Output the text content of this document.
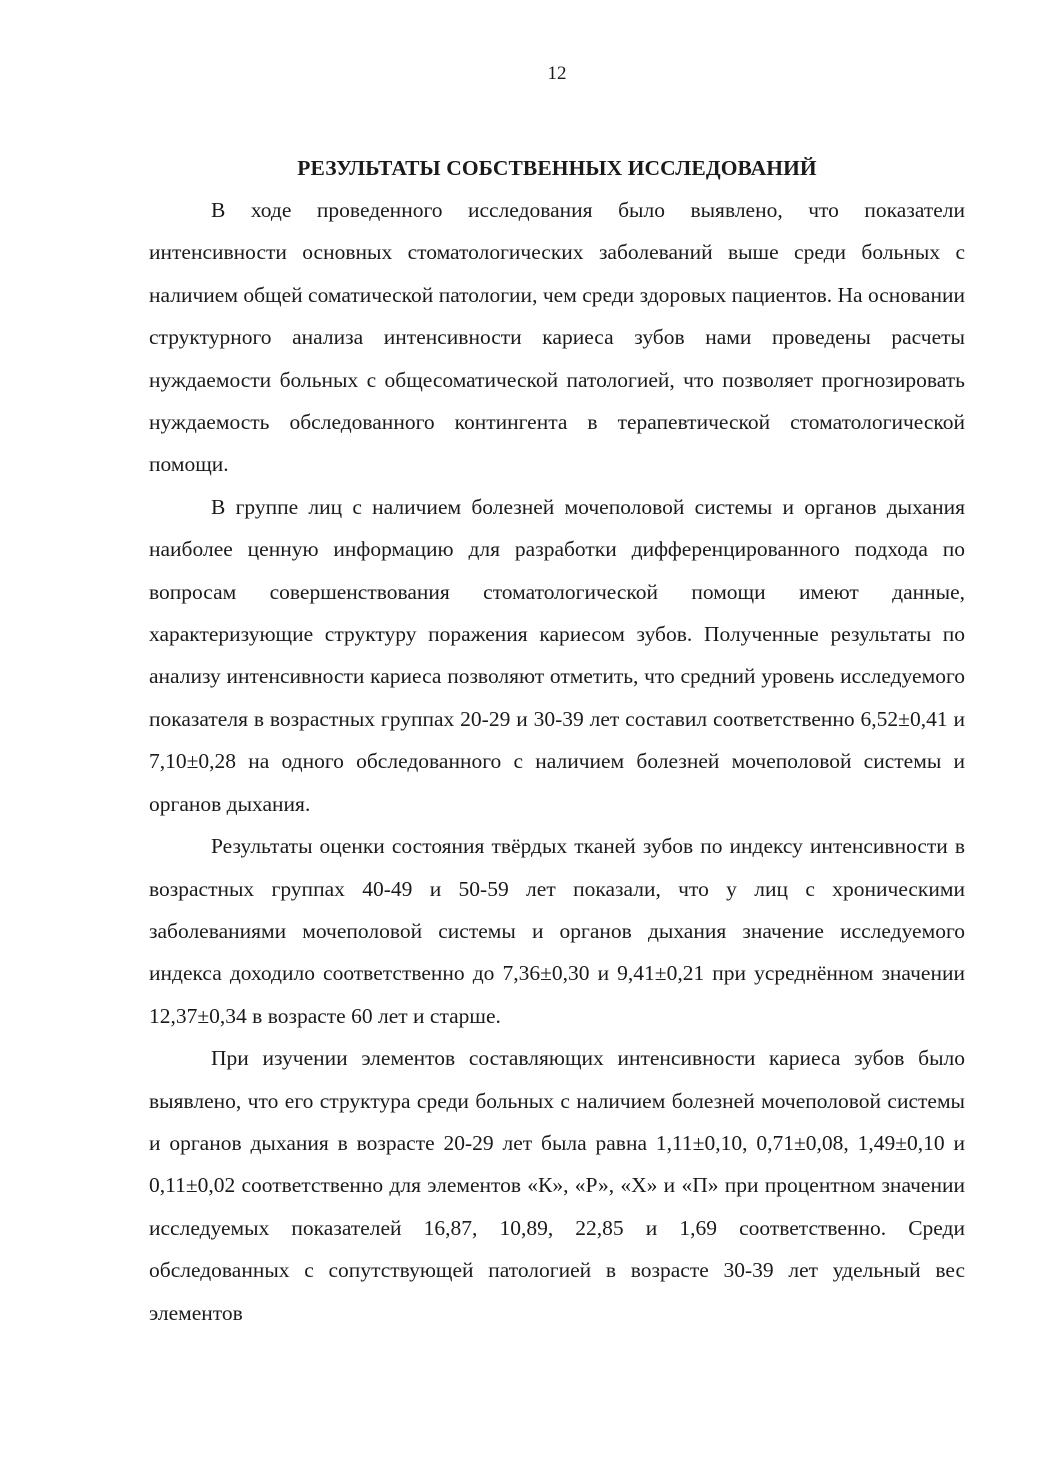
12
РЕЗУЛЬТАТЫ СОБСТВЕННЫХ ИССЛЕДОВАНИЙ

В ходе проведенного исследования было выявлено, что показатели интенсивности основных стоматологических заболеваний выше среди больных с наличием общей соматической патологии, чем среди здоровых пациентов. На основании структурного анализа интенсивности кариеса зубов нами проведены расчеты нуждаемости больных с общесоматической патологией, что позволяет прогнозировать нуждаемость обследованного контингента в терапевтической стоматологической помощи.

В группе лиц с наличием болезней мочеполовой системы и органов дыхания наиболее ценную информацию для разработки дифференцированного подхода по вопросам совершенствования стоматологической помощи имеют данные, характеризующие структуру поражения кариесом зубов. Полученные результаты по анализу интенсивности кариеса позволяют отметить, что средний уровень исследуемого показателя в возрастных группах 20-29 и 30-39 лет составил соответственно 6,52±0,41 и 7,10±0,28 на одного обследованного с наличием болезней мочеполовой системы и органов дыхания.

Результаты оценки состояния твёрдых тканей зубов по индексу интенсивности в возрастных группах 40-49 и 50-59 лет показали, что у лиц с хроническими заболеваниями мочеполовой системы и органов дыхания значение исследуемого индекса доходило соответственно до 7,36±0,30 и 9,41±0,21 при усреднённом значении 12,37±0,34 в возрасте 60 лет и старше.

При изучении элементов составляющих интенсивности кариеса зубов было выявлено, что его структура среди больных с наличием болезней мочеполовой системы и органов дыхания в возрасте 20-29 лет была равна 1,11±0,10, 0,71±0,08, 1,49±0,10 и 0,11±0,02 соответственно для элементов «К», «Р», «Х» и «П» при процентном значении исследуемых показателей 16,87, 10,89, 22,85 и 1,69 соответственно. Среди обследованных с сопутствующей патологией в возрасте 30-39 лет удельный вес элементов
